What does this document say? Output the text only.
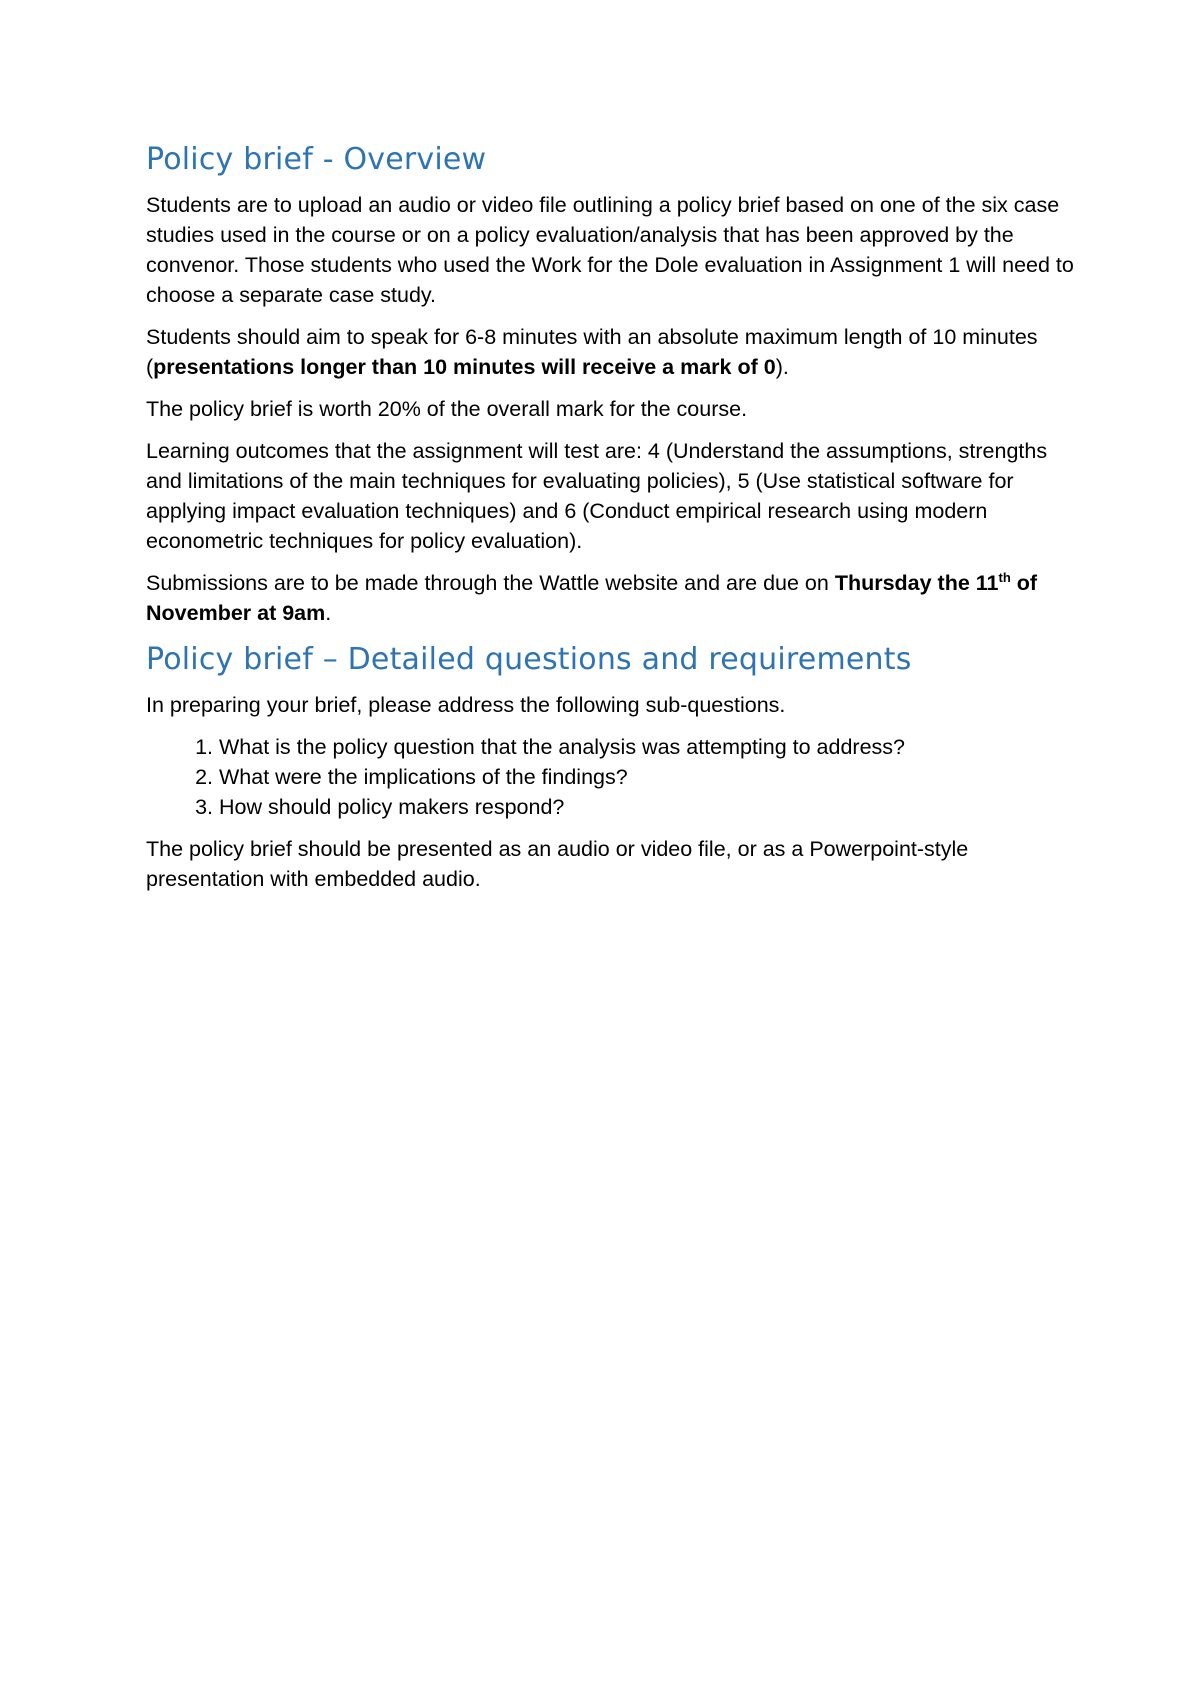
Policy brief - Overview

Students are to upload an audio or video file outlining a policy brief based on one of the six case studies used in the course or on a policy evaluation/analysis that has been approved by the convenor. Those students who used the Work for the Dole evaluation in Assignment 1 will need to choose a separate case study.

Students should aim to speak for 6-8 minutes with an absolute maximum length of 10 minutes (presentations longer than 10 minutes will receive a mark of 0).

The policy brief is worth 20% of the overall mark for the course.

Learning outcomes that the assignment will test are: 4 (Understand the assumptions, strengths and limitations of the main techniques for evaluating policies), 5 (Use statistical software for applying impact evaluation techniques) and 6 (Conduct empirical research using modern econometric techniques for policy evaluation).

Submissions are to be made through the Wattle website and are due on Thursday the 11th of November at 9am.

Policy brief – Detailed questions and requirements

In preparing your brief, please address the following sub-questions.

1. What is the policy question that the analysis was attempting to address?
2. What were the implications of the findings?
3. How should policy makers respond?

The policy brief should be presented as an audio or video file, or as a Powerpoint-style presentation with embedded audio.
